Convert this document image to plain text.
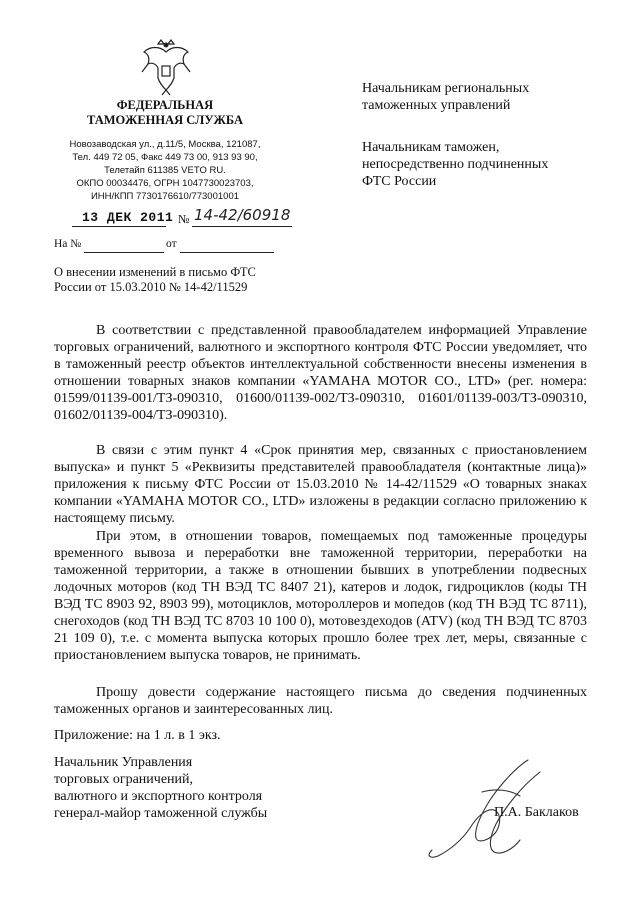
ФЕДЕРАЛЬНАЯ
ТАМОЖЕННАЯ СЛУЖБА
Новозаводская ул., д.11/5, Москва, 121087,
Тел. 449 72 05, Факс 449 73 00, 913 93 90,
Телетайп 611385 VETO RU.
ОКПО 00034476, ОГРН 1047730023703,
ИНН/КПП 7730176610/773001001
13 ДЕК 2011 № 14-42/60918
На №	от
О внесении изменений в письмо ФТС
России от 15.03.2010 № 14-42/11529
Начальникам региональных
таможенных управлений
Начальникам таможен,
непосредственно подчиненных
ФТС России

В соответствии с представленной правообладателем информацией Управление торговых ограничений, валютного и экспортного контроля ФТС России уведомляет, что в таможенный реестр объектов интеллектуальной собственности внесены изменения в отношении товарных знаков компании «YAMAHA MOTOR CO., LTD» (рег. номера: 01599/01139-001/ТЗ-090310, 01600/01139-002/ТЗ-090310, 01601/01139-003/ТЗ-090310, 01602/01139-004/ТЗ-090310).

В связи с этим пункт 4 «Срок принятия мер, связанных с приостановлением выпуска» и пункт 5 «Реквизиты представителей правообладателя (контактные лица)» приложения к письму ФТС России от 15.03.2010 № 14-42/11529 «О товарных знаках компании «YAMAHA MOTOR CO., LTD» изложены в редакции согласно приложению к настоящему письму.

При этом, в отношении товаров, помещаемых под таможенные процедуры временного вывоза и переработки вне таможенной территории, переработки на таможенной территории, а также в отношении бывших в употреблении подвесных лодочных моторов (код ТН ВЭД ТС 8407 21), катеров и лодок, гидроциклов (коды ТН ВЭД ТС 8903 92, 8903 99), мотоциклов, мотороллеров и мопедов (код ТН ВЭД ТС 8711), снегоходов (код ТН ВЭД ТС 8703 10 100 0), мотовездеходов (ATV) (код ТН ВЭД ТС 8703 21 109 0), т.е. с момента выпуска которых прошло более трех лет, меры, связанные с приостановлением выпуска товаров, не принимать.

Прошу довести содержание настоящего письма до сведения подчиненных таможенных органов и заинтересованных лиц.

Приложение: на 1 л. в 1 экз.
Начальник Управления
торговых ограничений,
валютного и экспортного контроля
генерал-майор таможенной службы	П.А. Баклаков
